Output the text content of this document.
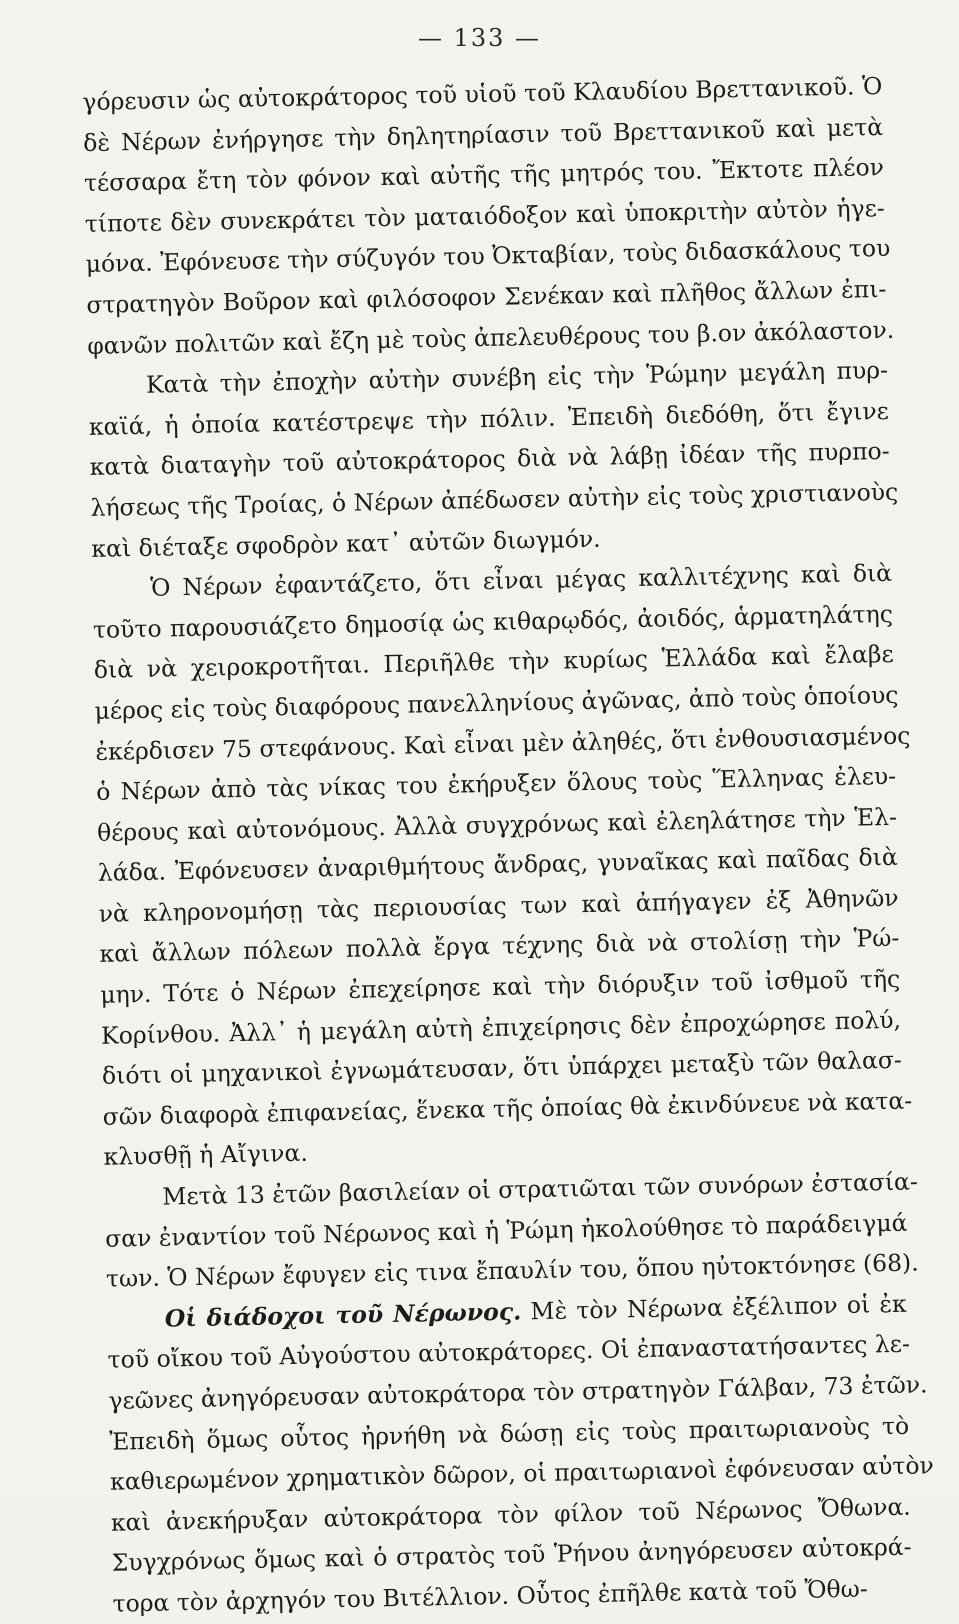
— 133 —
γόρευσιν ὡς αὐτοκράτορος τοῦ υἱοῦ τοῦ Κλαυδίου Βρεττανικοῦ. Ὁ
δὲ Νέρων ἐνήργησε τὴν δηλητηρίασιν τοῦ Βρεττανικοῦ καὶ μετὰ
τέσσαρα ἔτη τὸν φόνον καὶ αὐτῆς τῆς μητρός του. Ἔκτοτε πλέον
τίποτε δὲν συνεκράτει τὸν ματαιόδοξον καὶ ὑποκριτὴν αὐτὸν ἡγε-
μόνα. Ἐφόνευσε τὴν σύζυγόν του Ὀκταβίαν, τοὺς διδασκάλους του
στρατηγὸν Βοῦρον καὶ φιλόσοφον Σενέκαν καὶ πλῆθος ἄλλων ἐπι-
φανῶν πολιτῶν καὶ ἔζη μὲ τοὺς ἀπελευθέρους του β.ον ἀκόλαστον.
Κατὰ τὴν ἐποχὴν αὐτὴν συνέβη εἰς τὴν Ῥώμην μεγάλη πυρ-
καϊά, ἡ ὁποία κατέστρεψε τὴν πόλιν. Ἐπειδὴ διεδόθη, ὅτι ἔγινε
κατὰ διαταγὴν τοῦ αὐτοκράτορος διὰ νὰ λάβῃ ἰδέαν τῆς πυρπο-
λήσεως τῆς Τροίας, ὁ Νέρων ἀπέδωσεν αὐτὴν εἰς τοὺς χριστιανοὺς
καὶ διέταξε σφοδρὸν κατ᾽ αὐτῶν διωγμόν.
Ὁ Νέρων ἐφαντάζετο, ὅτι εἶναι μέγας καλλιτέχνης καὶ διὰ
τοῦτο παρουσιάζετο δημοσίᾳ ὡς κιθαρῳδός, ἀοιδός, ἁρματηλάτης
διὰ νὰ χειροκροτῆται. Περιῆλθε τὴν κυρίως Ἑλλάδα καὶ ἔλαβε
μέρος εἰς τοὺς διαφόρους πανελληνίους ἀγῶνας, ἀπὸ τοὺς ὁποίους
ἐκέρδισεν 75 στεφάνους. Καὶ εἶναι μὲν ἀληθές, ὅτι ἐνθουσιασμένος
ὁ Νέρων ἀπὸ τὰς νίκας του ἐκήρυξεν ὅλους τοὺς Ἕλληνας ἐλευ-
θέρους καὶ αὐτονόμους. Ἀλλὰ συγχρόνως καὶ ἐλεηλάτησε τὴν Ἑλ-
λάδα. Ἐφόνευσεν ἀναριθμήτους ἄνδρας, γυναῖκας καὶ παῖδας διὰ
νὰ κληρονομήσῃ τὰς περιουσίας των καὶ ἀπήγαγεν ἐξ Ἀθηνῶν
καὶ ἄλλων πόλεων πολλὰ ἔργα τέχνης διὰ νὰ στολίσῃ τὴν Ῥώ-
μην. Τότε ὁ Νέρων ἐπεχείρησε καὶ τὴν διόρυξιν τοῦ ἰσθμοῦ τῆς
Κορίνθου. Ἀλλ᾽ ἡ μεγάλη αὐτὴ ἐπιχείρησις δὲν ἐπροχώρησε πολύ,
διότι οἱ μηχανικοὶ ἐγνωμάτευσαν, ὅτι ὑπάρχει μεταξὺ τῶν θαλασ-
σῶν διαφορὰ ἐπιφανείας, ἕνεκα τῆς ὁποίας θὰ ἐκινδύνευε νὰ κατα-
κλυσθῇ ἡ Αἴγινα.
Μετὰ 13 ἐτῶν βασιλείαν οἱ στρατιῶται τῶν συνόρων ἐστασία-
σαν ἐναντίον τοῦ Νέρωνος καὶ ἡ Ῥώμη ἠκολούθησε τὸ παράδειγμά
των. Ὁ Νέρων ἔφυγεν εἰς τινα ἔπαυλίν του, ὅπου ηὐτοκτόνησε (68).
Οἱ διάδοχοι τοῦ Νέρωνος. Μὲ τὸν Νέρωνα ἐξέλιπον οἱ ἐκ
τοῦ οἴκου τοῦ Αὐγούστου αὐτοκράτορες. Οἱ ἐπαναστατήσαντες λε-
γεῶνες ἀνηγόρευσαν αὐτοκράτορα τὸν στρατηγὸν Γάλβαν, 73 ἐτῶν.
Ἐπειδὴ ὅμως οὗτος ἠρνήθη νὰ δώσῃ εἰς τοὺς πραιτωριανοὺς τὸ
καθιερωμένον χρηματικὸν δῶρον, οἱ πραιτωριανοὶ ἐφόνευσαν αὐτὸν
καὶ ἀνεκήρυξαν αὐτοκράτορα τὸν φίλον τοῦ Νέρωνος Ὄθωνα.
Συγχρόνως ὅμως καὶ ὁ στρατὸς τοῦ Ῥήνου ἀνηγόρευσεν αὐτοκρά-
τορα τὸν ἀρχηγόν του Βιτέλλιον. Οὗτος ἐπῆλθε κατὰ τοῦ Ὄθω-
